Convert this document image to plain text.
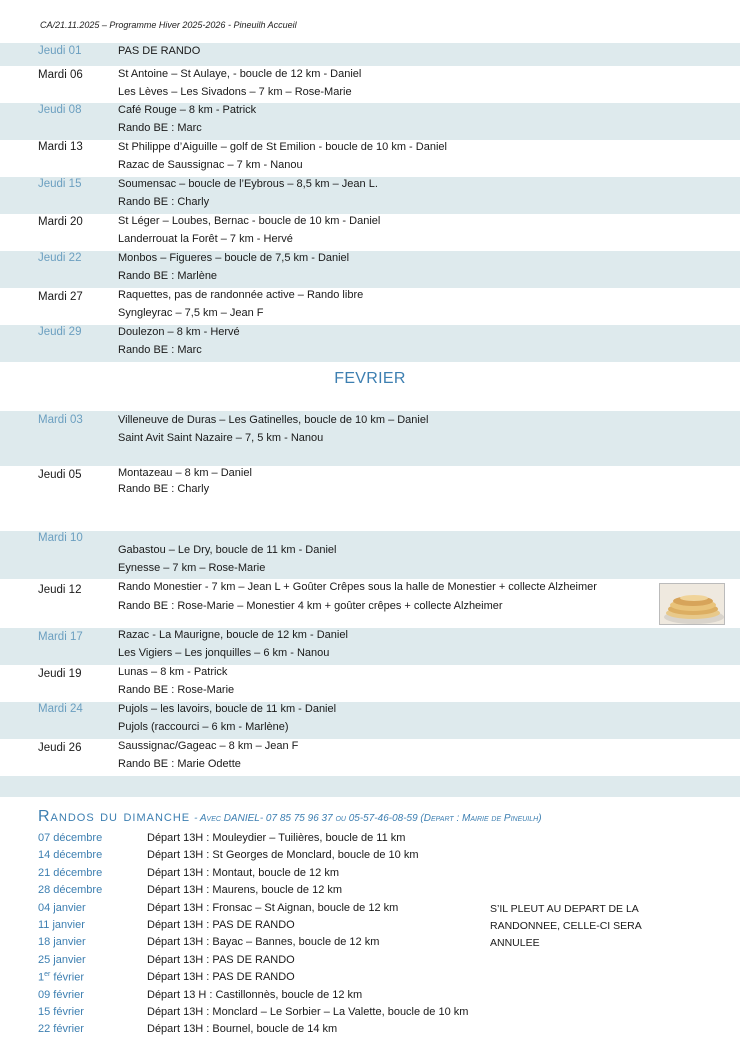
CA/21.11.2025 – Programme Hiver 2025-2026 - Pineuilh Accueil
Jeudi 01	PAS DE RANDO
Mardi 06	St Antoine – St Aulaye, - boucle de 12 km - Daniel
Les Lèves – Les Sivadons – 7 km – Rose-Marie
Jeudi 08	Café Rouge – 8 km - Patrick
Rando BE : Marc
Mardi 13	St Philippe d’Aiguille – golf de St Emilion - boucle de 10 km - Daniel
Razac de Saussignac – 7 km - Nanou
Jeudi 15	Soumensac – boucle de l’Eybrous – 8,5 km – Jean L.
Rando BE : Charly
Mardi 20	St Léger – Loubes, Bernac - boucle de 10 km - Daniel
Landerrouat la Forêt – 7 km - Hervé
Jeudi 22	Monbos – Figueres – boucle de 7,5 km - Daniel
Rando BE : Marlène
Mardi 27	Raquettes, pas de randonnée active – Rando libre
Syngleyrac – 7,5 km – Jean F
Jeudi 29	Doulezon – 8 km - Hervé
Rando BE : Marc
FEVRIER
Mardi 03	Villeneuve de Duras – Les Gatinelles, boucle de 10 km – Daniel
Saint Avit Saint Nazaire – 7, 5 km - Nanou
Jeudi 05	Montazeau – 8 km – Daniel
Rando BE : Charly
Mardi 10
Gabastou – Le Dry, boucle de 11 km - Daniel
Eynesse – 7 km – Rose-Marie
Jeudi 12	Rando Monestier - 7 km – Jean L + Goûter Crêpes sous la halle de Monestier + collecte Alzheimer
Rando BE : Rose-Marie – Monestier 4 km + goûter crêpes + collecte Alzheimer
Mardi 17	Razac - La Maurigne, boucle de 12 km - Daniel
Les Vigiers – Les jonquilles – 6 km - Nanou
Jeudi 19	Lunas – 8 km - Patrick
Rando BE : Rose-Marie
Mardi 24	Pujols – les lavoirs, boucle de 11 km - Daniel
Pujols (raccourci – 6 km - Marlène)
Jeudi 26	Saussignac/Gageac – 8 km – Jean F
Rando BE : Marie Odette
Randos du dimanche - Avec DANIEL- 07 85 75 96 37 ou 05-57-46-08-59 (Depart : Mairie de Pineuilh)
07 décembre	Départ 13H : Mouleydier – Tuilières, boucle de 11 km
14 décembre	Départ 13H : St Georges de Monclard, boucle de 10 km
21 décembre	Départ 13H : Montaut, boucle de 12 km
28 décembre	Départ 13H : Maurens, boucle de 12 km
04 janvier	Départ 13H : Fronsac – St Aignan, boucle de 12 km
11 janvier	Départ 13H : PAS DE RANDO
18 janvier	Départ 13H : Bayac – Bannes, boucle de 12 km
25 janvier	Départ 13H : PAS DE RANDO
1er février	Départ 13H : PAS DE RANDO
09 février	Départ 13 H : Castillonnès, boucle de 12 km
15 février	Départ 13H : Monclard – Le Sorbier – La Valette, boucle de 10 km
22 février	Départ 13H : Bournel, boucle de 14 km
S’IL PLEUT AU DEPART DE LA
RANDONNEE, CELLE-CI SERA
ANNULEE
